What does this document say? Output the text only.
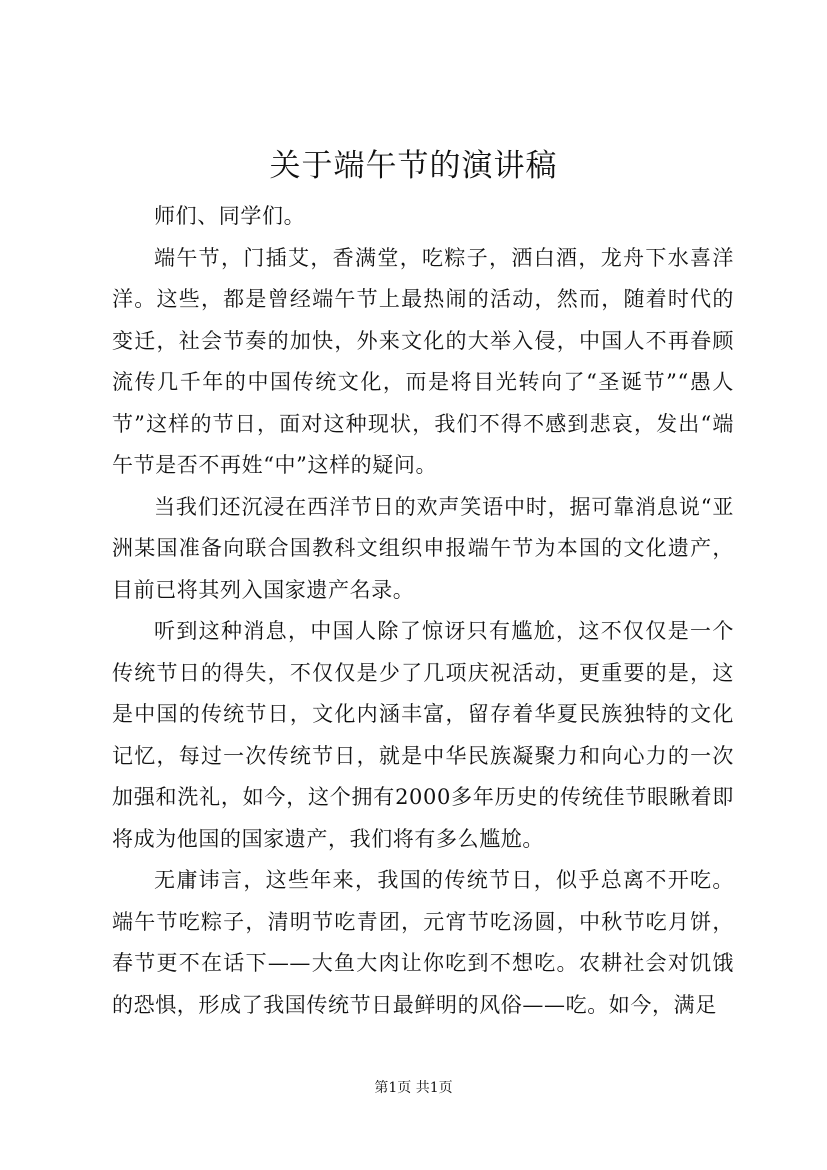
关于端午节的演讲稿

师们、同学们。

端午节，门插艾，香满堂，吃粽子，洒白酒，龙舟下水喜洋洋。这些，都是曾经端午节上最热闹的活动，然而，随着时代的变迁，社会节奏的加快，外来文化的大举入侵，中国人不再眷顾流传几千年的中国传统文化，而是将目光转向了“圣诞节”“愚人节”这样的节日，面对这种现状，我们不得不感到悲哀，发出“端午节是否不再姓“中”这样的疑问。

当我们还沉浸在西洋节日的欢声笑语中时，据可靠消息说“亚洲某国准备向联合国教科文组织申报端午节为本国的文化遗产，目前已将其列入国家遗产名录。

听到这种消息，中国人除了惊讶只有尴尬，这不仅仅是一个传统节日的得失，不仅仅是少了几项庆祝活动，更重要的是，这是中国的传统节日，文化内涵丰富，留存着华夏民族独特的文化记忆，每过一次传统节日，就是中华民族凝聚力和向心力的一次加强和洗礼，如今，这个拥有2000多年历史的传统佳节眼瞅着即将成为他国的国家遗产，我们将有多么尴尬。

无庸讳言，这些年来，我国的传统节日，似乎总离不开吃。端午节吃粽子，清明节吃青团，元宵节吃汤圆，中秋节吃月饼，春节更不在话下——大鱼大肉让你吃到不想吃。农耕社会对饥饿的恐惧，形成了我国传统节日最鲜明的风俗——吃。如今，满足

第1页 共1页
